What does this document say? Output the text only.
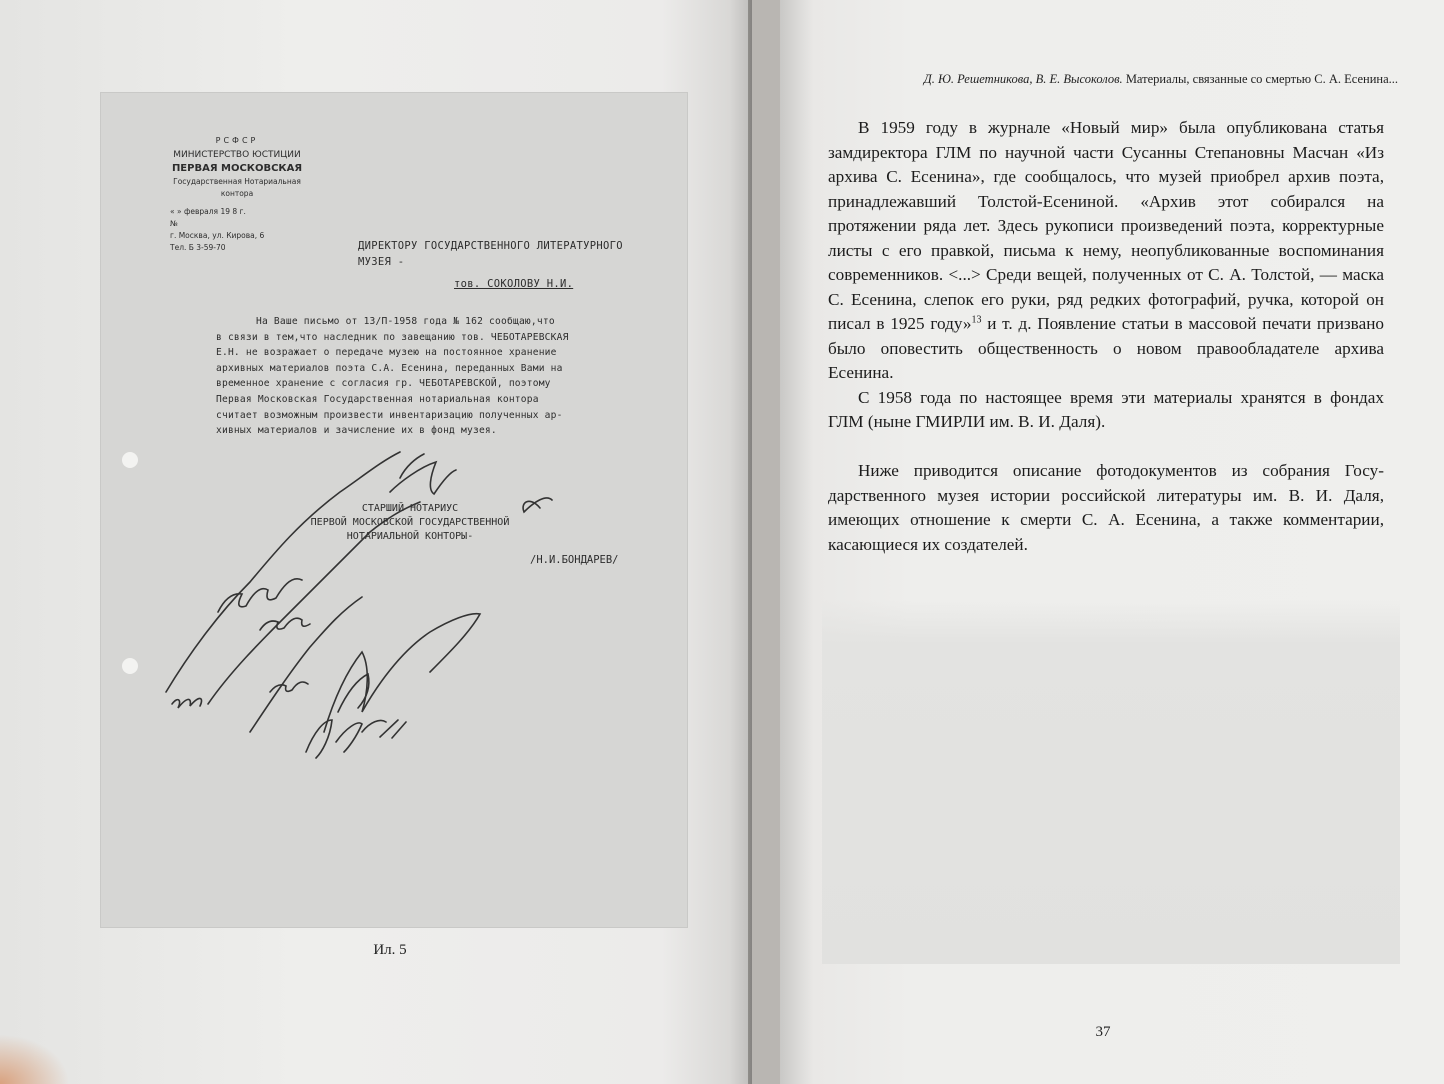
РСФСР
МИНИСТЕРСТВО ЮСТИЦИИ
ПЕРВАЯ МОСКОВСКАЯ
Государственная Нотариальная
контора
« » февраля 19 8 г.
№
г. Москва, ул. Кирова, 6
Тел. Б 3-59-70	ДИРЕКТОРУ ГОСУДАРСТВЕННОГО ЛИТЕРАТУРНОГО
МУЗЕЯ -
тов. СОКОЛОВУ Н.И.
На Ваше письмо от 13/П-1958 года № 162 сообщаю,что
в связи в тем,что наследник по завещанию тов. ЧЕБОТАРЕВСКАЯ
Е.Н. не возражает о передаче музею на постоянное хранение
архивных материалов поэта С.А. Есенина, переданных Вами на
временное хранение с согласия гр. ЧЕБОТАРЕВСКОЙ, поэтому
Первая Московская Государственная нотариальная контора
считает возможным произвести инвентаризацию полученных ар-
хивных материалов и зачисление их в фонд музея.
СТАРШИЙ НОТАРИУС
ПЕРВОЙ МОСКОВСКОЙ ГОСУДАРСТВЕННОЙ
НОТАРИАЛЬНОЙ КОНТОРЫ-
/Н.И.БОНДАРЕВ/
Ил. 5
Д. Ю. Решетникова, В. Е. Высоколов. Материалы, связанные со смертью С. А. Есенина...

В 1959 году в журнале «Новый мир» была опубликована статья замдиректора ГЛМ по научной части Сусанны Степановны Масчан «Из архива С. Есенина», где сообщалось, что музей приобрел архив поэта, принадлежавший Толстой-Есениной. «Архив этот собирался на протяжении ряда лет. Здесь рукописи произведений поэта, корректурные листы с его правкой, письма к нему, неопубликованные воспоминания современников. <...> Среди вещей, полученных от С. А. Толстой, — маска С. Есенина, слепок его руки, ряд редких фотографий, ручка, которой он писал в 1925 году»$^{13}$ и т. д. Появление статьи в массовой печати призвано было оповестить общественность о новом правообладателе архива Есенина.

С 1958 года по настоящее время эти материалы хранятся в фондах ГЛМ (ныне ГМИРЛИ им. В. И. Даля).

Ниже приводится описание фотодокументов из собрания Государственного музея истории российской литературы им. В. И. Даля, имеющих отношение к смерти С. А. Есенина, а также комментарии, касающиеся их создателей.

37
